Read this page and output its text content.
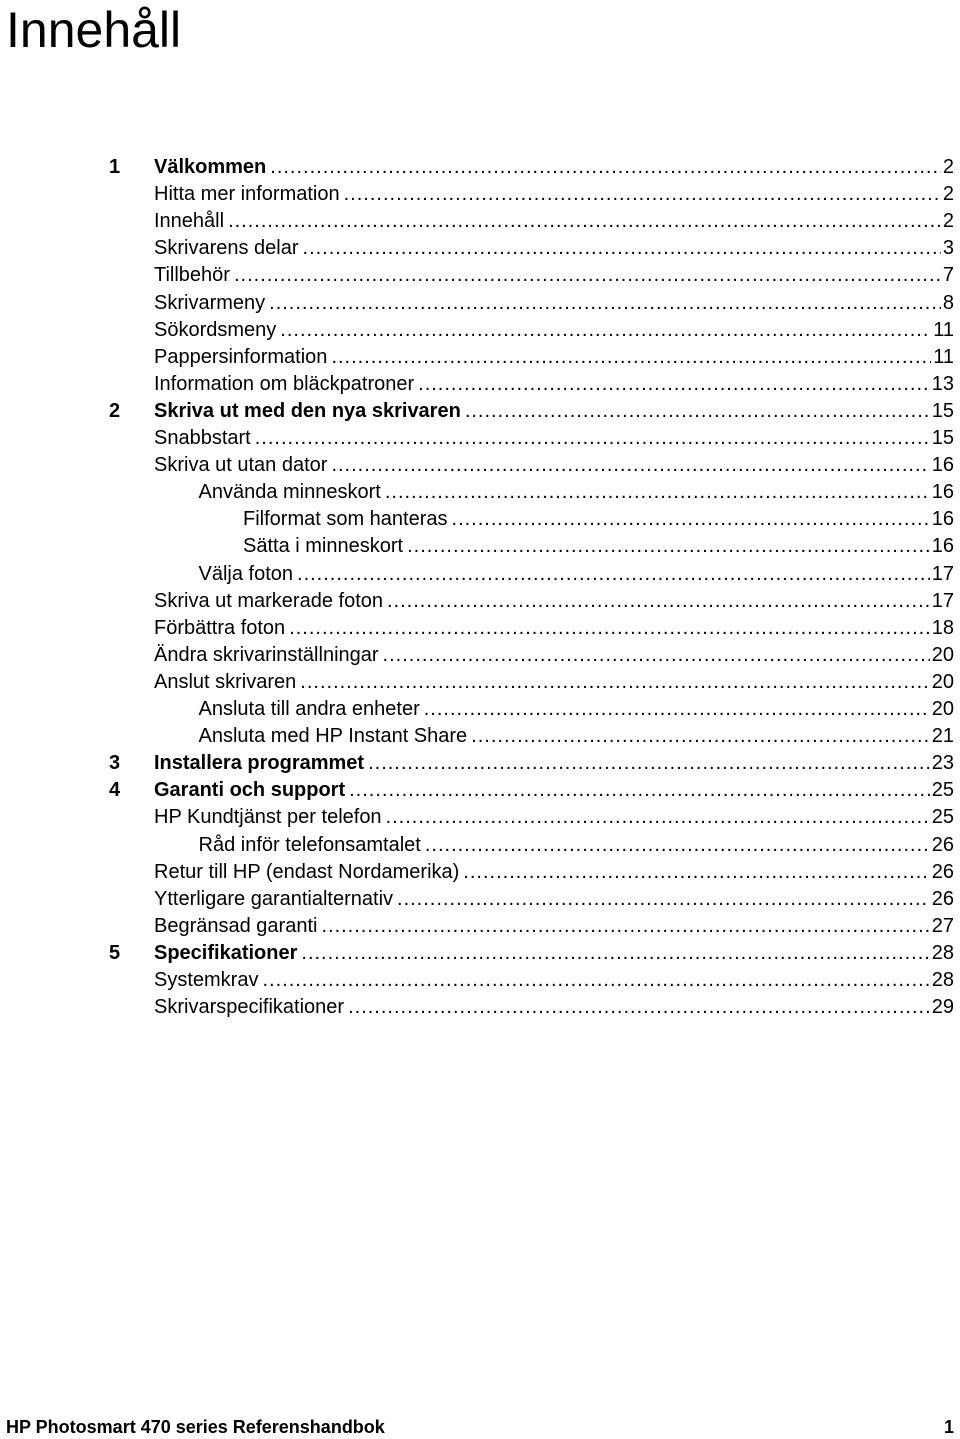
Innehåll
1 Välkommen .....	2
Hitta mer information .....	2
Innehåll .....	2
Skrivarens delar .....	3
Tillbehör .....	7
Skrivarmeny .....	8
Sökordsmeny .....	11
Pappersinformation .....	11
Information om bläckpatroner .....	13
2 Skriva ut med den nya skrivaren .....	15
Snabbstart .....	15
Skriva ut utan dator .....	16
Använda minneskort .....	16
Filformat som hanteras .....	16
Sätta i minneskort .....	16
Välja foton .....	17
Skriva ut markerade foton .....	17
Förbättra foton .....	18
Ändra skrivarinställningar .....	20
Anslut skrivaren .....	20
Ansluta till andra enheter .....	20
Ansluta med HP Instant Share .....	21
3 Installera programmet .....	23
4 Garanti och support .....	25
HP Kundtjänst per telefon .....	25
Råd inför telefonsamtalet .....	26
Retur till HP (endast Nordamerika) .....	26
Ytterligare garantialternativ .....	26
Begränsad garanti .....	27
5 Specifikationer .....	28
Systemkrav .....	28
Skrivarspecifikationer .....	29
HP Photosmart 470 series Referenshandbok	1
